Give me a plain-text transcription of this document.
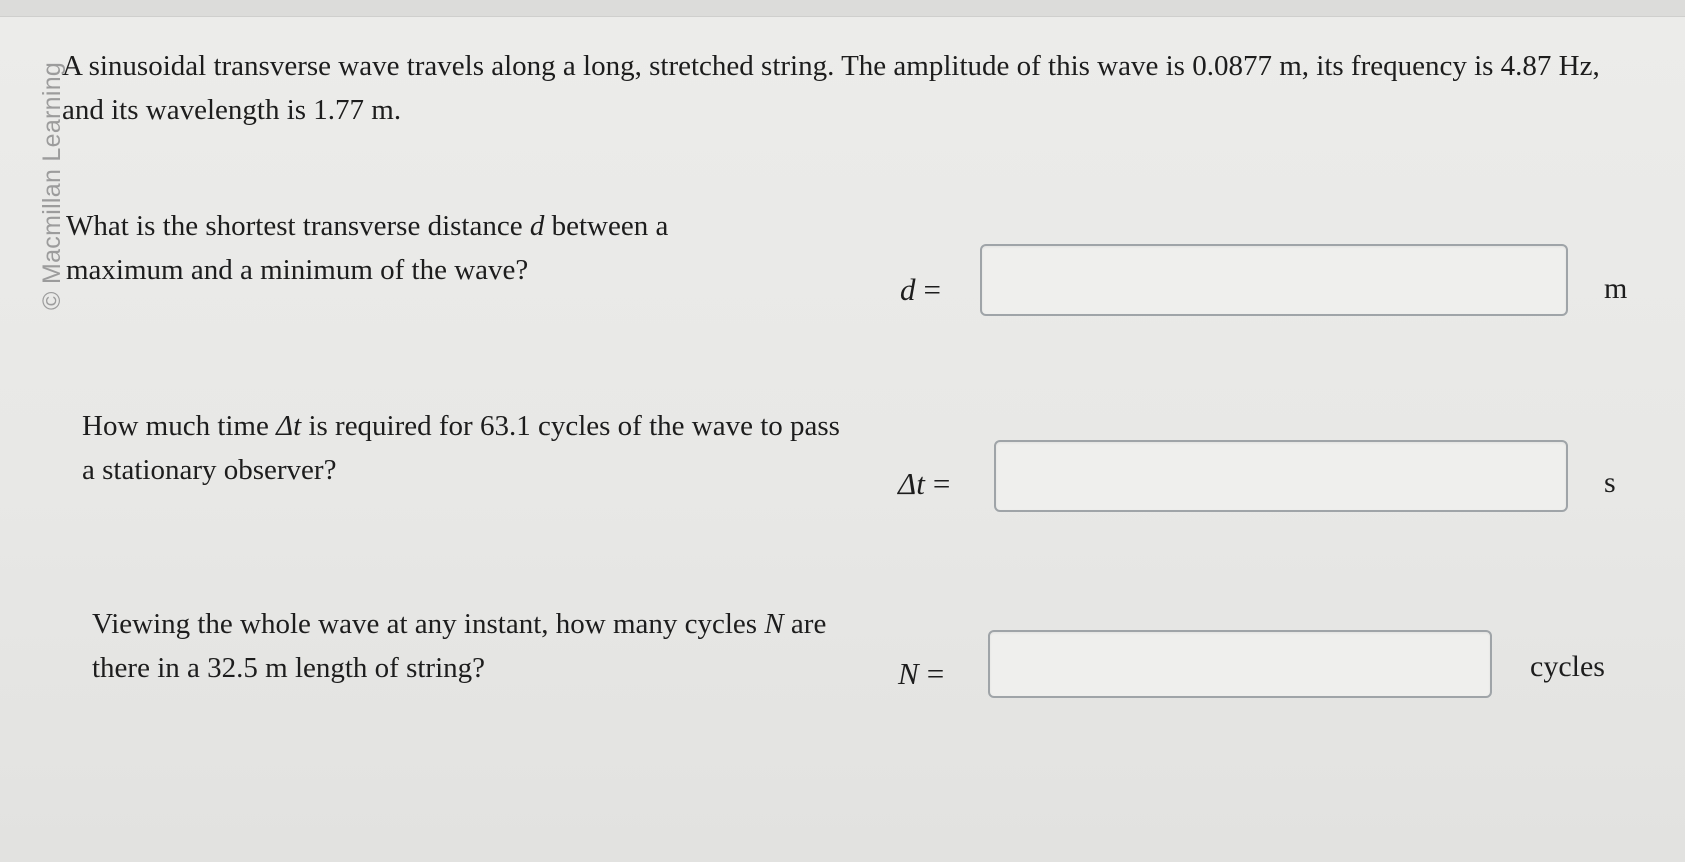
© Macmillan Learning

A sinusoidal transverse wave travels along a long, stretched string. The amplitude of this wave is 0.0877 m, its frequency is 4.87 Hz, and its wavelength is 1.77 m.

What is the shortest transverse distance d between a maximum and a minimum of the wave?
d =	m
How much time Δt is required for 63.1 cycles of the wave to pass a stationary observer?	Δt =	s
Viewing the whole wave at any instant, how many cycles N are there in a 32.5 m length of string?	N =	cycles
